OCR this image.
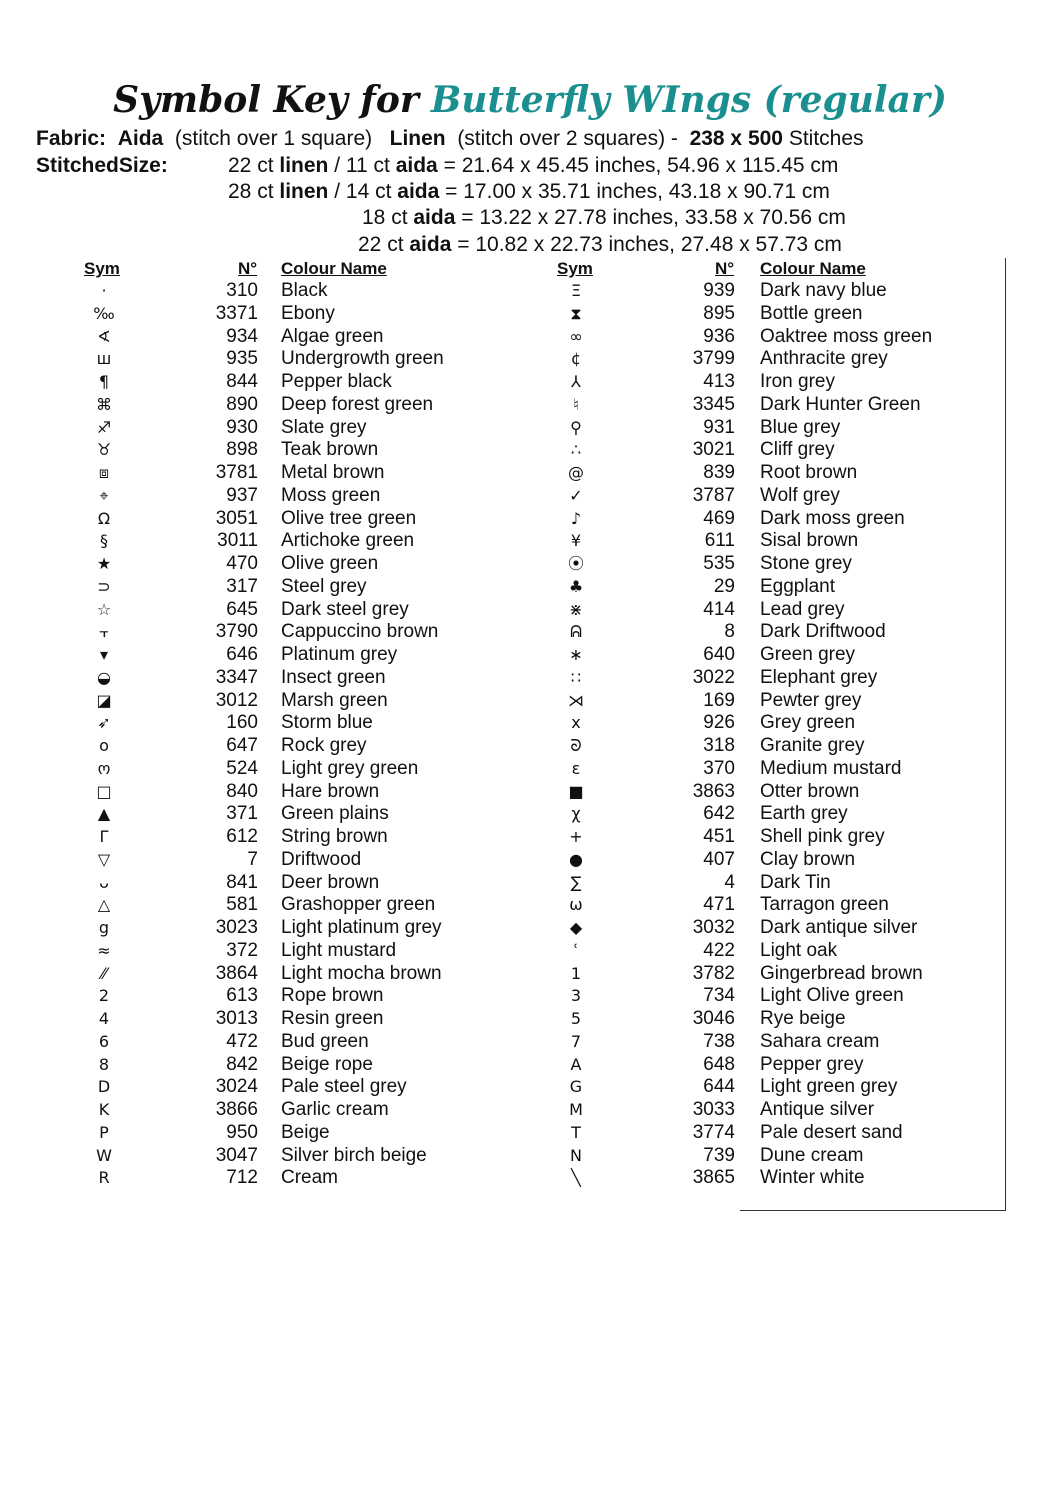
Symbol Key for Butterfly WIngs (regular)
Fabric: Aida (stitch over 1 square) Linen (stitch over 2 squares) - 238 x 500 Stitches
StitchedSize:	22 ct linen / 11 ct aida = 21.64 x 45.45 inches, 54.96 x 115.45 cm
28 ct linen / 14 ct aida = 17.00 x 35.71 inches, 43.18 x 90.71 cm
18 ct aida = 13.22 x 27.78 inches, 33.58 x 70.56 cm
22 ct aida = 10.82 x 22.73 inches, 27.48 x 57.73 cm
Sym	N° Colour Name
·	310 Black
‰	3371 Ebony
∢	934 Algae green
ш	935 Undergrowth green
¶	844 Pepper black
⌘	890 Deep forest green
♐	930 Slate grey
♉	898 Teak brown
⧈	3781 Metal brown
⌖	937 Moss green
Ω	3051 Olive tree green
§	3011 Artichoke green
★	470 Olive green
⊃	317 Steel grey
☆	645 Dark steel grey
⫟	3790 Cappuccino brown
▾	646 Platinum grey
◒	3347 Insect green
◪	3012 Marsh green
➶	160 Storm blue
o	647 Rock grey
ო	524 Light grey green
□	840 Hare brown
▲	371 Green plains
Γ	612 String brown
▽	7 Driftwood
ᴗ	841 Deer brown
△	581 Grashopper green
g	3023 Light platinum grey
≈	372 Light mustard
⁄⁄	3864 Light mocha brown
2	613 Rope brown
4	3013 Resin green
6	472 Bud green
8	842 Beige rope
D	3024 Pale steel grey
K	3866 Garlic cream
P	950 Beige
W	3047 Silver birch beige
R	712 Cream
Sym	N° Colour Name
Ξ	939 Dark navy blue
⧗	895 Bottle green
∞	936 Oaktree moss green
¢	3799 Anthracite grey
⅄	413 Iron grey
♮	3345 Dark Hunter Green
⚲	931 Blue grey
∴	3021 Cliff grey
@	839 Root brown
✓	3787 Wolf grey
♪	469 Dark moss green
¥	611 Sisal brown
⦿	535 Stone grey
♣	29 Eggplant
⋇	414 Lead grey
ᕱ	8 Dark Driftwood
∗	640 Green grey
∷	3022 Elephant grey
⋊	169 Pewter grey
x	926 Grey green
ᘐ	318 Granite grey
ɛ	370 Medium mustard
■	3863 Otter brown
χ	642 Earth grey
+	451 Shell pink grey
●	407 Clay brown
∑	4 Dark Tin
ω	471 Tarragon green
◆	3032 Dark antique silver
ʿ	422 Light oak
1	3782 Gingerbread brown
3	734 Light Olive green
5	3046 Rye beige
7	738 Sahara cream
A	648 Pepper grey
G	644 Light green grey
M	3033 Antique silver
T	3774 Pale desert sand
N	739 Dune cream
╲	3865 Winter white
